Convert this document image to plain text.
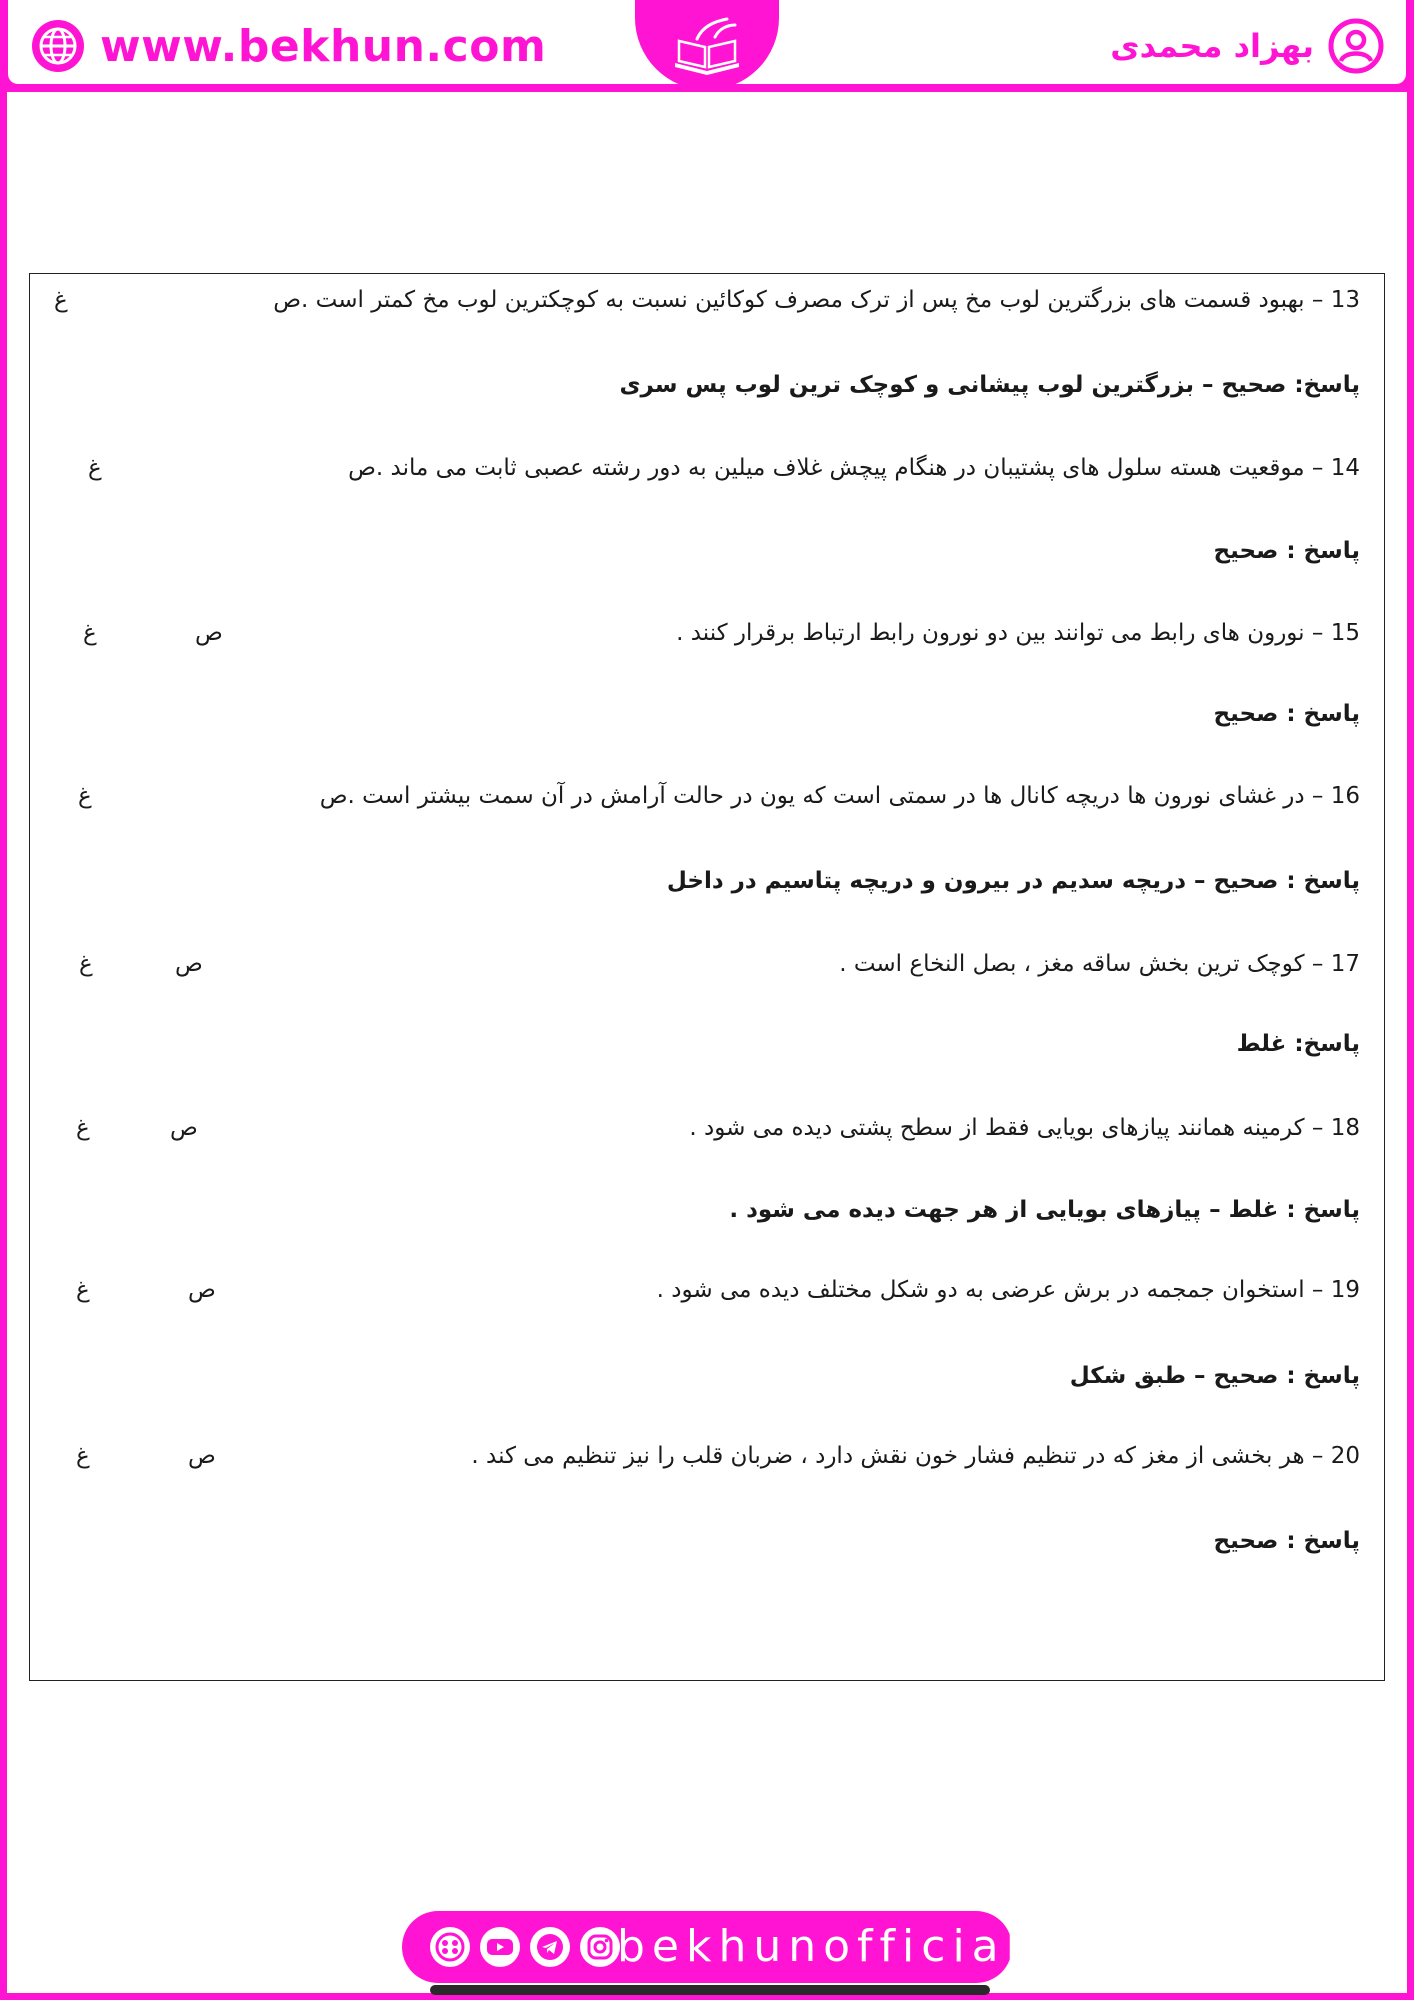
www.bekhun.com	بهزاد محمدی
13 – بهبود قسمت های بزرگترین لوب مخ پس از ترک مصرف کوکائین نسبت به کوچکترین لوب مخ کمتر است .ص
غ
پاسخ: صحیح – بزرگترین لوب پیشانی و کوچک ترین لوب پس سری
14 – موقعیت هسته سلول های پشتیبان در هنگام پیچش غلاف میلین به دور رشته عصبی ثابت می ماند .ص
غ
پاسخ : صحیح
15 – نورون های رابط می توانند بین دو نورون رابط ارتباط برقرار کنند .
ص
غ
پاسخ : صحیح
16 – در غشای نورون ها دریچه کانال ها در سمتی است که یون در حالت آرامش در آن سمت بیشتر است .ص
غ
پاسخ : صحیح – دریچه سدیم در بیرون و دریچه پتاسیم در داخل
17 – کوچک ترین بخش ساقه مغز ، بصل النخاع است .
ص
غ
پاسخ: غلط
18 – کرمینه همانند پیازهای بویایی فقط از سطح پشتی دیده می شود .
ص
غ
پاسخ : غلط – پیازهای بویایی از هر جهت دیده می شود .
19 – استخوان جمجمه در برش عرضی به دو شکل مختلف دیده می شود .
ص
غ
پاسخ : صحیح – طبق شکل
20 – هر بخشی از مغز که در تنظیم فشار خون نقش دارد ، ضربان قلب را نیز تنظیم می کند .
ص
غ
پاسخ : صحیح
bekhunofficial
